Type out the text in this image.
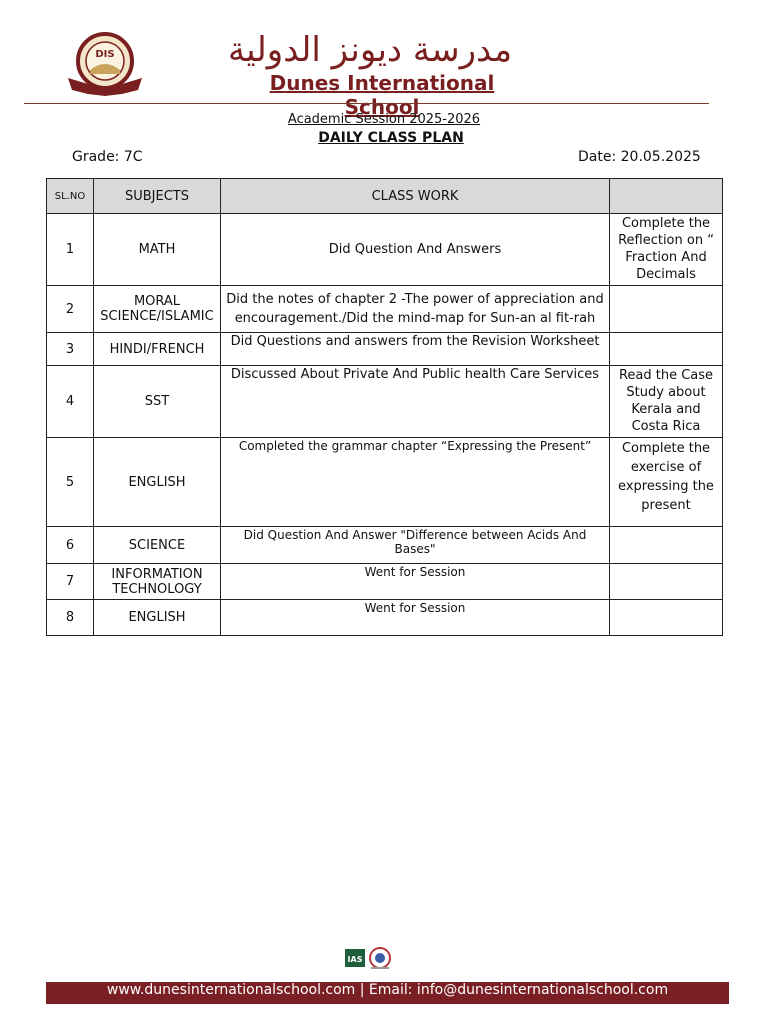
DIS	مدرسة ديونز الدولية
Dunes International School
Academic Session 2025-2026
DAILY CLASS PLAN
Grade: 7C	Date: 20.05.2025
SL.NO	SUBJECTS	CLASS WORK	
1	MATH	Did Question And Answers	Complete the Reflection on “ Fraction And Decimals
2	MORAL SCIENCE/ISLAMIC	Did the notes of chapter 2 -The power of appreciation and encouragement./Did the mind-map for Sun-an al fit-rah	
3	HINDI/FRENCH	Did Questions and answers from the Revision Worksheet	
4	SST	Discussed About Private And Public health Care Services	Read the Case Study about Kerala and Costa Rica
5	ENGLISH	Completed the grammar chapter “Expressing the Present”	Complete the exercise of expressing the present
6	SCIENCE	Did Question And Answer "Difference between Acids And Bases"	
7	INFORMATION TECHNOLOGY	Went for Session	
8	ENGLISH	Went for Session	
IAS
www.dunesinternationalschool.com | Email: info@dunesinternationalschool.com
